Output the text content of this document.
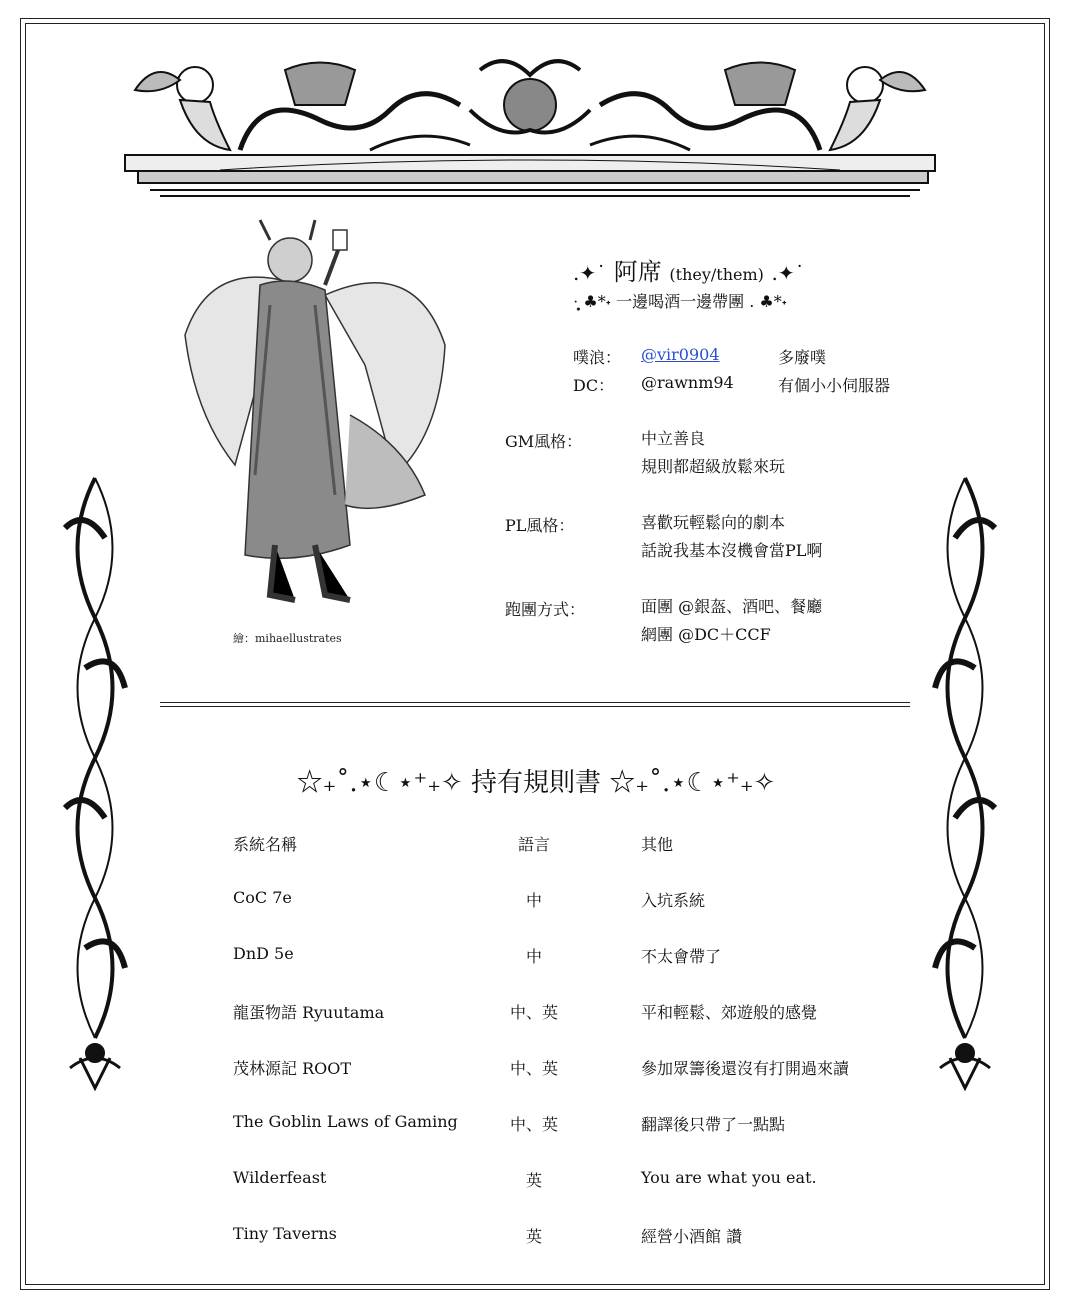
繪：mihaellustrates
.✦˙ 阿席 (they/them) .✦˙
·̩̩̥͙ ♣*˖ 一邊喝酒一邊帶團 . ♣*˖
噗浪： @vir0904	多廢噗
DC： @rawnm94	有個小小伺服器
GM風格：	中立善良
規則都超級放鬆來玩
PL風格：	喜歡玩輕鬆向的劇本
話說我基本沒機會當PL啊
跑團方式：	面團 @銀盔、酒吧、餐廳
網團 @DC＋CCF
☆₊˚.⋆☾⋆⁺₊✧ 持有規則書 ☆₊˚.⋆☾⋆⁺₊✧
系統名稱	語言	其他
CoC 7e	中	入坑系統
DnD 5e	中	不太會帶了
龍蛋物語 Ryuutama	中、英	平和輕鬆、郊遊般的感覺
茂林源記 ROOT	中、英	參加眾籌後還沒有打開過來讀
The Goblin Laws of Gaming	中、英	翻譯後只帶了一點點
Wilderfeast	英	You are what you eat.
Tiny Taverns	英	經營小酒館 讚
